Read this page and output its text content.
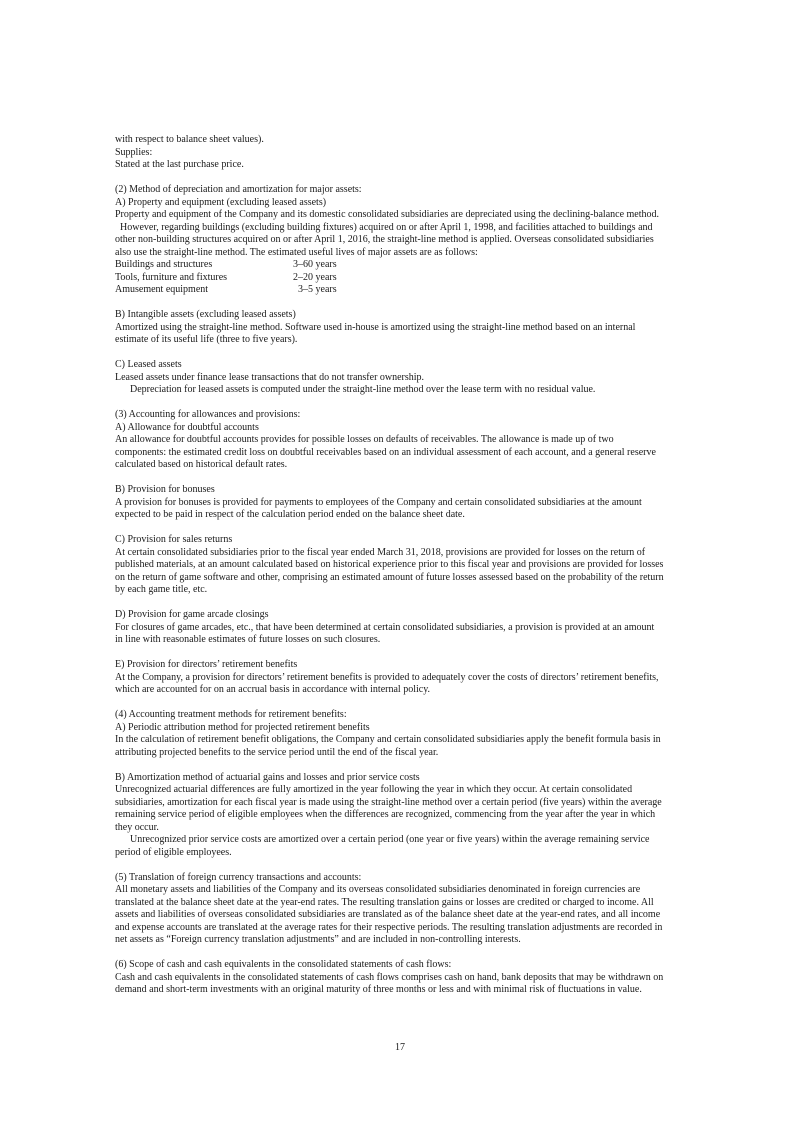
with respect to balance sheet values).
Supplies:
Stated at the last purchase price.
(2) Method of depreciation and amortization for major assets:
A) Property and equipment (excluding leased assets)
Property and equipment of the Company and its domestic consolidated subsidiaries are depreciated using the declining-balance method.
However, regarding buildings (excluding building fixtures) acquired on or after April 1, 1998, and facilities attached to buildings and
other non-building structures acquired on or after April 1, 2016, the straight-line method is applied. Overseas consolidated subsidiaries
also use the straight-line method. The estimated useful lives of major assets are as follows:
Buildings and structures	3–60 years
Tools, furniture and fixtures	2–20 years
Amusement equipment	3–5 years
B) Intangible assets (excluding leased assets)
Amortized using the straight-line method. Software used in-house is amortized using the straight-line method based on an internal
estimate of its useful life (three to five years).
C) Leased assets
Leased assets under finance lease transactions that do not transfer ownership.
Depreciation for leased assets is computed under the straight-line method over the lease term with no residual value.
(3) Accounting for allowances and provisions:
A) Allowance for doubtful accounts
An allowance for doubtful accounts provides for possible losses on defaults of receivables. The allowance is made up of two
components: the estimated credit loss on doubtful receivables based on an individual assessment of each account, and a general reserve
calculated based on historical default rates.
B) Provision for bonuses
A provision for bonuses is provided for payments to employees of the Company and certain consolidated subsidiaries at the amount
expected to be paid in respect of the calculation period ended on the balance sheet date.
C) Provision for sales returns
At certain consolidated subsidiaries prior to the fiscal year ended March 31, 2018, provisions are provided for losses on the return of
published materials, at an amount calculated based on historical experience prior to this fiscal year and provisions are provided for losses
on the return of game software and other, comprising an estimated amount of future losses assessed based on the probability of the return
by each game title, etc.
D) Provision for game arcade closings
For closures of game arcades, etc., that have been determined at certain consolidated subsidiaries, a provision is provided at an amount
in line with reasonable estimates of future losses on such closures.
E) Provision for directors’ retirement benefits
At the Company, a provision for directors’ retirement benefits is provided to adequately cover the costs of directors’ retirement benefits,
which are accounted for on an accrual basis in accordance with internal policy.
(4) Accounting treatment methods for retirement benefits:
A) Periodic attribution method for projected retirement benefits
In the calculation of retirement benefit obligations, the Company and certain consolidated subsidiaries apply the benefit formula basis in
attributing projected benefits to the service period until the end of the fiscal year.
B) Amortization method of actuarial gains and losses and prior service costs
Unrecognized actuarial differences are fully amortized in the year following the year in which they occur. At certain consolidated
subsidiaries, amortization for each fiscal year is made using the straight-line method over a certain period (five years) within the average
remaining service period of eligible employees when the differences are recognized, commencing from the year after the year in which
they occur.
Unrecognized prior service costs are amortized over a certain period (one year or five years) within the average remaining service
period of eligible employees.
(5) Translation of foreign currency transactions and accounts:
All monetary assets and liabilities of the Company and its overseas consolidated subsidiaries denominated in foreign currencies are
translated at the balance sheet date at the year-end rates. The resulting translation gains or losses are credited or charged to income. All
assets and liabilities of overseas consolidated subsidiaries are translated as of the balance sheet date at the year-end rates, and all income
and expense accounts are translated at the average rates for their respective periods. The resulting translation adjustments are recorded in
net assets as “Foreign currency translation adjustments” and are included in non-controlling interests.
(6) Scope of cash and cash equivalents in the consolidated statements of cash flows:
Cash and cash equivalents in the consolidated statements of cash flows comprises cash on hand, bank deposits that may be withdrawn on
demand and short-term investments with an original maturity of three months or less and with minimal risk of fluctuations in value.
17
